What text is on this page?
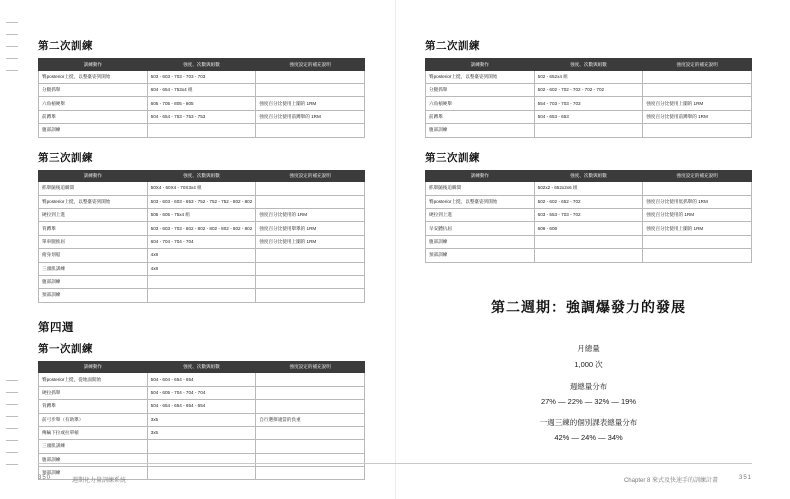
第二次訓練
訓練動作	強度、次數與組數	強度設定的補充說明
臀posterior上挺，以整臺姿到開始	503 - 603 - 703 - 703 - 703	
分腿抓舉	604 - 654 - 753x4 組	
六角槓硬舉	605 - 705 - 805 - 805	強度百分比使用上團的 1RM
前蹲舉	504 - 654 - 753 - 753 - 753	強度百分比使用前蹲舉的 1RM
腹部訓練		
第三次訓練
訓練動作	強度、次數與組數	強度設定的補充說明
抓舉隨後追瞬間	50X4 - 60X4 - 70X3x4 組	
臀posterior上挺，以整臺姿到開始	503 - 603 - 603 - 653 - 752 - 752 - 752 - 802 - 802	
硬拉到上進	505 - 605 - 75x4 組	強度百分比使用的 1RM
背蹲舉	503 - 603 - 703 - 802 - 802 - 802 - 802 - 802 - 802	強度百分比使用舉舉的 1RM
單車腿推屈	604 - 704 - 704 - 704	強度百分比使用上團的 1RM
俯身划船	4x8	
三頭肌訓練	4x8	
腹部訓練		
預部訓練		
第四週
第一次訓練
訓練動作	強度、次數與組數	強度設定的補充說明
臀posterior上挺，從地面開始	504 - 604 - 654 - 654	
硬拉抓舉	504 - 605 - 704 - 704 - 704	
背蹲舉	504 - 654 - 654 - 654 - 654	
前弓步舉（有助舉）	3x5	自行選擇適當的負重
傳輪下拉或拉單槓	3x5	
三頭肌訓練		
腹部訓練		
預部訓練		
第二次訓練
訓練動作	強度、次數與組數	強度設定的補充說明
臀posterior上挺，以整臺姿到開始	502 - 652x4 組	
分腿抓舉	502 - 602 - 702 - 702 - 702 - 702	
六角槓硬舉	554 - 703 - 703 - 703	強度百分比使用上團的 1RM
前蹲舉	504 - 653 - 653	強度百分比使用前蹲舉的 1RM
腹部訓練		
第三次訓練
訓練動作	強度、次數與組數	強度設定的補充說明
抓舉隨後追瞬間	502x2 - 652x2x6 組	
臀posterior上挺，以整臺姿到開始	502 - 602 - 652 - 702	強度百分比使用低抓舉的 1RM
硬拉到上進	503 - 553 - 703 - 702	強度百分比使用的 1RM
早安體抗屈	606 - 606	強度百分比使用上團的 1RM
腹部訓練		
預部訓練		
第二週期：強調爆發力的發展
月總量
1,000 次
週總量分布
27% — 22% — 32% — 19%
一週三練的個別課表總量分布
42% — 24% — 34%
350	週期化力量訓練系統	Chapter 8 來式及快速手的訓練計畫	351
